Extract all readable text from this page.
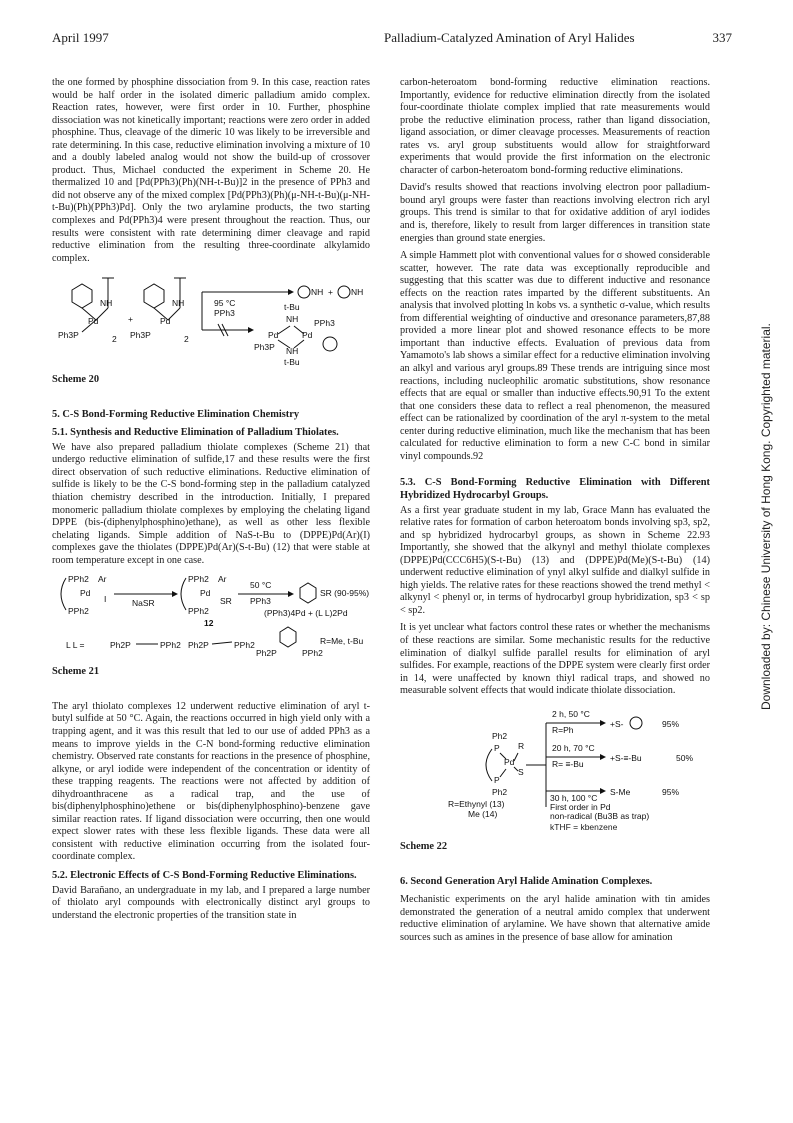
April 1997	Palladium-Catalyzed Amination of Aryl Halides	337

the one formed by phosphine dissociation from 9. In this case, reaction rates would be half order in the isolated dimeric palladium amido complex. Reaction rates, however, were first order in 10. Further, phosphine dissociation was not kinetically important; reactions were zero order in added phosphine. Thus, cleavage of the dimeric 10 was likely to be irreversible and rate determining. In this case, reductive elimination involving a mixture of 10 and a doubly labeled analog would not show the build-up of crossover product. Thus, Michael conducted the experiment in Scheme 20. He thermalized 10 and [Pd(PPh3)(Ph)(NH-t-Bu)]2 in the presence of PPh3 and did not observe any of the mixed complex [Pd(PPh3)(Ph)(μ-NH-t-Bu)(μ-NH-t-Bu)(Ph)(PPh3)Pd]. Only the two arylamine products, the two starting complexes and Pd(PPh3)4 were present throughout the reaction. Thus, our results were consistent with rate determining dimer cleavage and rapid reductive elimination from the resulting three-coordinate alkylamido complex.

NH
Pd
Ph3P	2
+
NH
Pd
Ph3P	2
95 °C
PPh3
NH + NH
t-Bu
NH PPh3
Pd	Pd
Ph3P NH
t-Bu
Scheme 20
5. C-S Bond-Forming Reductive Elimination Chemistry
5.1. Synthesis and Reductive Elimination of Palladium Thiolates.

We have also prepared palladium thiolate complexes (Scheme 21) that undergo reductive elimination of sulfide,17 and these results were the first direct observation of such reductive eliminations. Reductive elimination of sulfide is likely to be the C-S bond-forming step in the palladium catalyzed thiation chemistry described in the introduction. Initially, I prepared monomeric palladium thiolate complexes by employing the chelating ligand DPPE (bis-(diphenylphosphino)ethane), as well as other less flexible chelating ligands. Simple addition of NaS-t-Bu to (DPPE)Pd(Ar)(I) complexes gave the thiolates (DPPE)Pd(Ar)(S-t-Bu) (12) that were stable at room temperature except in one case.

PPh2 Ar
Pd
I
PPh2
NaSR
PPh2 Ar
Pd
SR
PPh2
12
50 °C
PPh3
SR (90-95%)
(PPh3)4Pd + (L L)2Pd
L L =	Ph2P	PPh2 Ph2P	PPh2
Ph2P	PPh2
R=Me, t-Bu
Scheme 21

The aryl thiolato complexes 12 underwent reductive elimination of aryl t-butyl sulfide at 50 °C. Again, the reactions occurred in high yield only with a trapping agent, and it was this result that led to our use of added PPh3 as a means to improve yields in the C-N bond-forming reductive elimination chemistry. Observed rate constants for reactions in the presence of phosphine, alkyne, or aryl iodide were independent of the concentration or identity of these trapping reagents. The reactions were not affected by addition of dihydroanthracene as a radical trap, and the use of bis(diphenylphosphino)ethene or bis(diphenylphosphino)-benzene gave similar reaction rates. If ligand dissociation were occurring, then one would expect slower rates with these less flexible ligands. These data were all consistent with reductive elimination occurring from the isolated four-coordinate complex.

5.2. Electronic Effects of C-S Bond-Forming Reductive Eliminations.

David Barañano, an undergraduate in my lab, and I prepared a large number of thiolato aryl compounds with electronically distinct aryl groups to understand the electronic properties of the transition state in

carbon-heteroatom bond-forming reductive elimination reactions. Importantly, evidence for reductive elimination directly from the isolated four-coordinate thiolate complex implied that rate measurements would probe the reductive elimination process, rather than ligand dissociation, ligand association, or dimer cleavage processes. Measurements of reaction rates vs. aryl group substituents would allow for straightforward experiments that would provide the first information on the electronic character of carbon-heteroatom bond-forming reductive eliminations.

David's results showed that reactions involving electron poor palladium-bound aryl groups were faster than reactions involving electron rich aryl groups. This trend is similar to that for oxidative addition of aryl iodides and is, therefore, likely to result from larger differences in transition state energies than ground state energies.

A simple Hammett plot with conventional values for σ showed considerable scatter, however. The rate data was exceptionally reproducible and suggesting that this scatter was due to different inductive and resonance effects on the reaction rates imparted by the different substituents. An analysis that involved plotting ln kobs vs. a synthetic σ-value, which results from differential weighting of σinductive and σresonance parameters,87,88 provided a more linear plot and showed resonance effects to be more important than inductive effects. Evaluation of previous data from Yamamoto's lab shows a similar effect for a reductive elimination involving an alkyl and various aryl groups.89 These trends are intriguing since most reactions, including nucleophilic aromatic substitutions, show resonance effects that are equal or smaller than inductive effects.90,91 To the extent that one considers these data to reflect a real phenomenon, the measured effect can be rationalized by coordination of the aryl π-system to the metal center during reductive elimination, much like the mechanism that has been calculated for reductive elimination to form a new C-C bond in similar vinyl compounds.92

5.3. C-S Bond-Forming Reductive Elimination with Different Hybridized Hydrocarbyl Groups.

As a first year graduate student in my lab, Grace Mann has evaluated the relative rates for formation of carbon heteroatom bonds involving sp3, sp2, and sp hybridized hydrocarbyl groups, as shown in Scheme 22.93 Importantly, she showed that the alkynyl and methyl thiolate complexes (DPPE)Pd(CCC6H5)(S-t-Bu) (13) and (DPPE)Pd(Me)(S-t-Bu) (14) underwent reductive elimination of ynyl alkyl sulfide and dialkyl sulfide in high yields. The relative rates for these reactions showed the trend methyl < alkynyl < phenyl or, in terms of hydrocarbyl group hybridization, sp3 < sp < sp2.

It is yet unclear what factors control these rates or whether the mechanisms of these reactions are similar. Some mechanistic results for the reductive elimination of dialkyl sulfide parallel results for elimination of aryl sulfides. For example, reactions of the DPPE system were clearly first order in 14, were unaffected by known thiyl radical traps, and showed no measurable solvent effects that would indicate thiolate dissociation.

Ph2
P R
Pd
S
P
Ph2
R=Ethynyl (13)
Me (14)
2 h, 50 °C
R=Ph
+S-	95%
20 h, 70 °C
R= ≡-Bu
+S-≡-Bu	50%
30 h, 100 °C
S-Me	95%
First order in Pd
non-radical (Bu3B as trap)
kTHF = kbenzene
Scheme 22
6. Second Generation Aryl Halide Amination Complexes.

Mechanistic experiments on the aryl halide amination with tin amides demonstrated the generation of a neutral amido complex that underwent reductive elimination of arylamine. We have shown that alternative amide sources such as amines in the presence of base allow for amination

Downloaded by: Chinese University of Hong Kong. Copyrighted material.
